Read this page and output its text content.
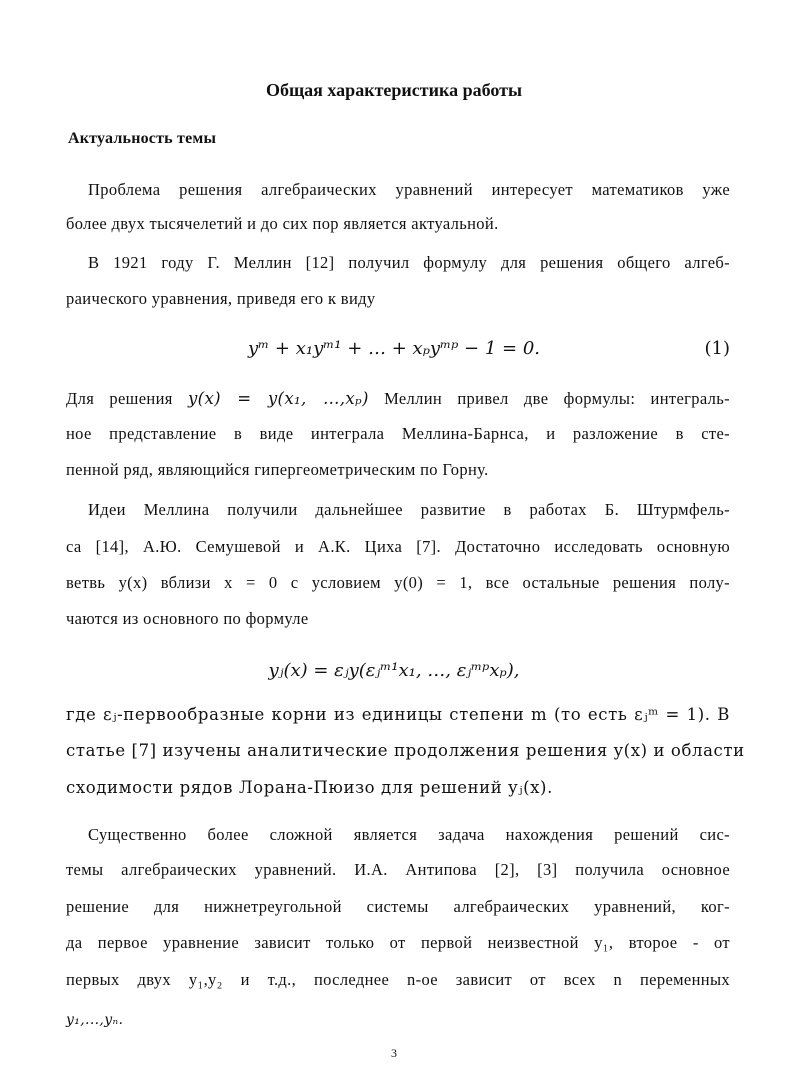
Общая характеристика работы
Актуальность темы
Проблема решения алгебраических уравнений интересует математиков уже
более двух тысячелетий и до сих пор является актуальной.
В 1921 году Г. Меллин [12] получил формулу для решения общего алгеб-
раического уравнения, приведя его к виду
yᵐ + x₁yᵐ¹ + … + xₚyᵐᵖ − 1 = 0.	(1)
Для решения y(x) = y(x₁, …,xₚ) Меллин привел две формулы: интеграль-
ное представление в виде интеграла Меллина-Барнса, и разложение в сте-
пенной ряд, являющийся гипергеометрическим по Горну.
Идеи Меллина получили дальнейшее развитие в работах Б. Штурмфель-
са [14], А.Ю. Семушевой и А.К. Циха [7]. Достаточно исследовать основную
ветвь y(x) вблизи x = 0 с условием y(0) = 1, все остальные решения полу-
чаются из основного по формуле
yⱼ(x) = εⱼy(εⱼᵐ¹x₁, …, εⱼᵐᵖxₚ),
где εⱼ-первообразные корни из единицы степени m (то есть εⱼᵐ = 1). В
статье [7] изучены аналитические продолжения решения y(x) и области
сходимости рядов Лорана-Пюизо для решений yⱼ(x).
Существенно более сложной является задача нахождения решений сис-
темы алгебраических уравнений. И.А. Антипова [2], [3] получила основное
решение для нижнетреугольной системы алгебраических уравнений, ког-
да первое уравнение зависит только от первой неизвестной y₁, второе - от
первых двух y₁,y₂ и т.д., последнее n-ое зависит от всех n переменных
y₁,...,yₙ.
3
